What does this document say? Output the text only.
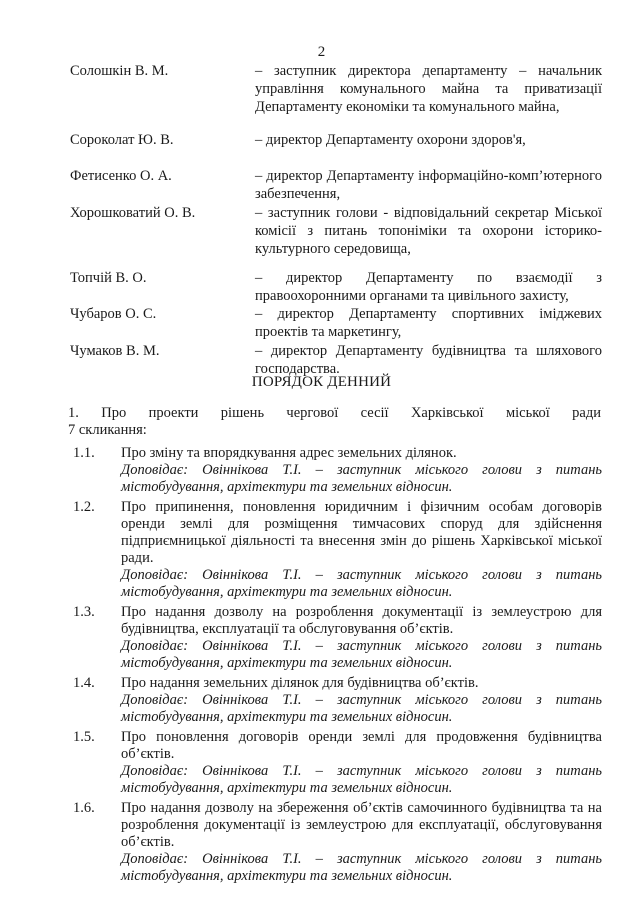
2
Солошкін В. М.	– заступник директора департаменту – начальник управління комунального майна та приватизації Департаменту економіки та комунального майна,
Сороколат Ю. В.	– директор Департаменту охорони здоров'я,
Фетисенко О. А.	– директор Департаменту інформаційно-комп’ютерного забезпечення,
Хорошковатий О. В.	– заступник голови - відповідальний секретар Міської комісії з питань топоніміки та охорони історико-культурного середовища,
Топчій В. О.	– директор Департаменту по взаємодії з правоохоронними органами та цивільного захисту,
Чубаров О. С.	– директор Департаменту спортивних іміджевих проектів та маркетингу,
Чумаков В. М.	– директор Департаменту будівництва та шляхового господарства.
ПОРЯДОК ДЕННИЙ
1. Про проекти рішень чергової сесії Харківської міської ради
7 скликання:
1.1. Про зміну та впорядкування адрес земельних ділянок.
Доповідає: Овіннікова Т.І. – заступник міського голови з питань містобудування, архітектури та земельних відносин.
1.2. Про припинення, поновлення юридичним і фізичним особам договорів оренди землі для розміщення тимчасових споруд для здійснення підприємницької діяльності та внесення змін до рішень Харківської міської ради.
Доповідає: Овіннікова Т.І. – заступник міського голови з питань містобудування, архітектури та земельних відносин.
1.3. Про надання дозволу на розроблення документації із землеустрою для будівництва, експлуатації та обслуговування об’єктів.
Доповідає: Овіннікова Т.І. – заступник міського голови з питань містобудування, архітектури та земельних відносин.
1.4. Про надання земельних ділянок для будівництва об’єктів.
Доповідає: Овіннікова Т.І. – заступник міського голови з питань містобудування, архітектури та земельних відносин.
1.5. Про поновлення договорів оренди землі для продовження будівництва об’єктів.
Доповідає: Овіннікова Т.І. – заступник міського голови з питань містобудування, архітектури та земельних відносин.
1.6. Про надання дозволу на збереження об’єктів самочинного будівництва та на розроблення документації із землеустрою для експлуатації, обслуговування об’єктів.
Доповідає: Овіннікова Т.І. – заступник міського голови з питань містобудування, архітектури та земельних відносин.
